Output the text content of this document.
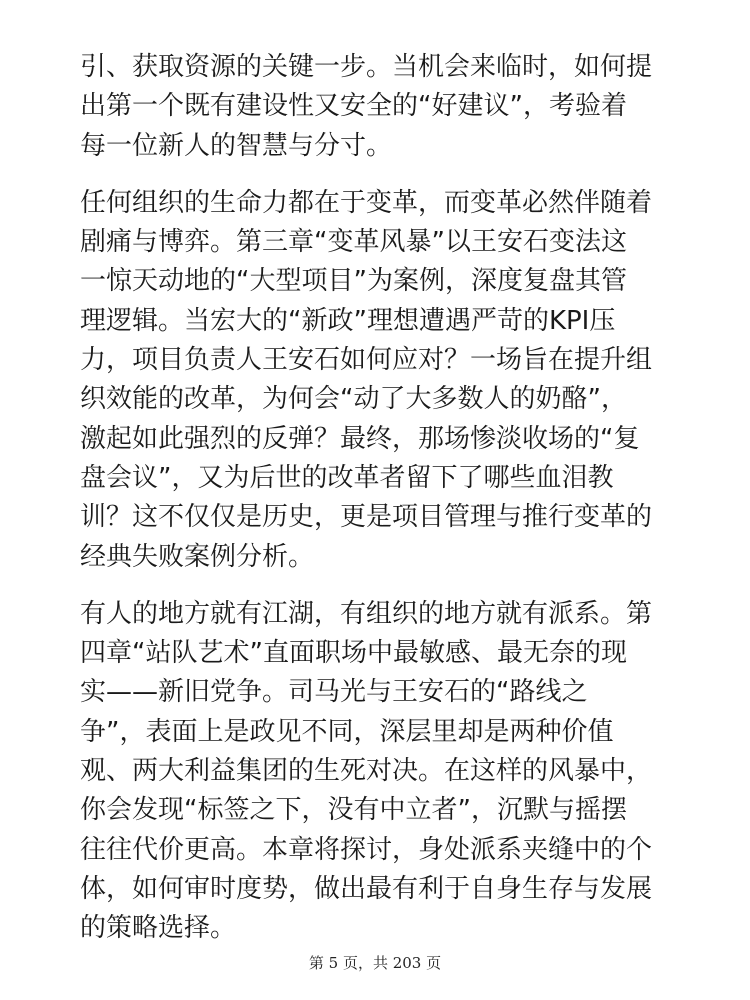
引、获取资源的关键一步。当机会来临时，如何提
出第一个既有建设性又安全的“好建议”，考验着
每一位新人的智慧与分寸。
任何组织的生命力都在于变革，而变革必然伴随着
剧痛与博弈。第三章“变革风暴”以王安石变法这
一惊天动地的“大型项目”为案例，深度复盘其管
理逻辑。当宏大的“新政”理想遭遇严苛的KPI压
力，项目负责人王安石如何应对？一场旨在提升组
织效能的改革，为何会“动了大多数人的奶酪”，
激起如此强烈的反弹？最终，那场惨淡收场的“复
盘会议”，又为后世的改革者留下了哪些血泪教
训？这不仅仅是历史，更是项目管理与推行变革的
经典失败案例分析。
有人的地方就有江湖，有组织的地方就有派系。第
四章“站队艺术”直面职场中最敏感、最无奈的现
实——新旧党争。司马光与王安石的“路线之
争”，表面上是政见不同，深层里却是两种价值
观、两大利益集团的生死对决。在这样的风暴中，
你会发现“标签之下，没有中立者”，沉默与摇摆
往往代价更高。本章将探讨，身处派系夹缝中的个
体，如何审时度势，做出最有利于自身生存与发展
的策略选择。
第 5 页，共 203 页
